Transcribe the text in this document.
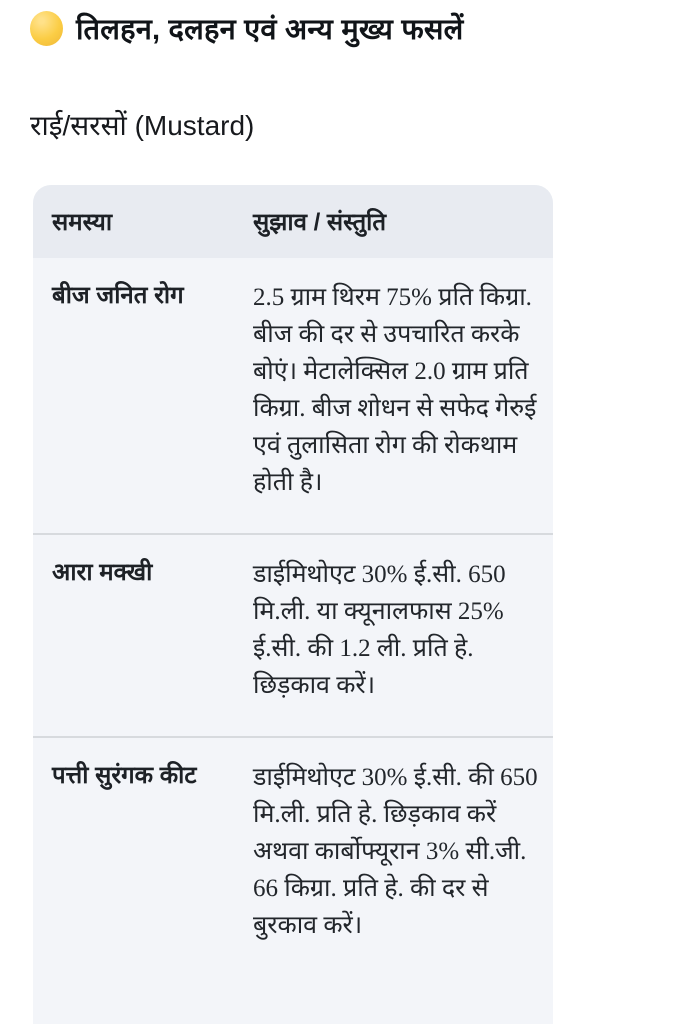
तिलहन, दलहन एवं अन्य मुख्य फसलें
राई/सरसों (Mustard)
समस्या	सुझाव / संस्तुति
बीज जनित रोग	2.5 ग्राम थिरम 75% प्रति किग्रा. बीज की दर से उपचारित करके बोएं। मेटालेक्सिल 2.0 ग्राम प्रति किग्रा. बीज शोधन से सफेद गेरुई एवं तुलासिता रोग की रोकथाम होती है।
आरा मक्खी	डाईमिथोएट 30% ई.सी. 650 मि.ली. या क्यूनालफास 25% ई.सी. की 1.2 ली. प्रति हे. छिड़काव करें।
पत्ती सुरंगक कीट	डाईमिथोएट 30% ई.सी. की 650 मि.ली. प्रति हे. छिड़काव करें अथवा कार्बोफ्यूरान 3% सी.जी. 66 किग्रा. प्रति हे. की दर से बुरकाव करें।
